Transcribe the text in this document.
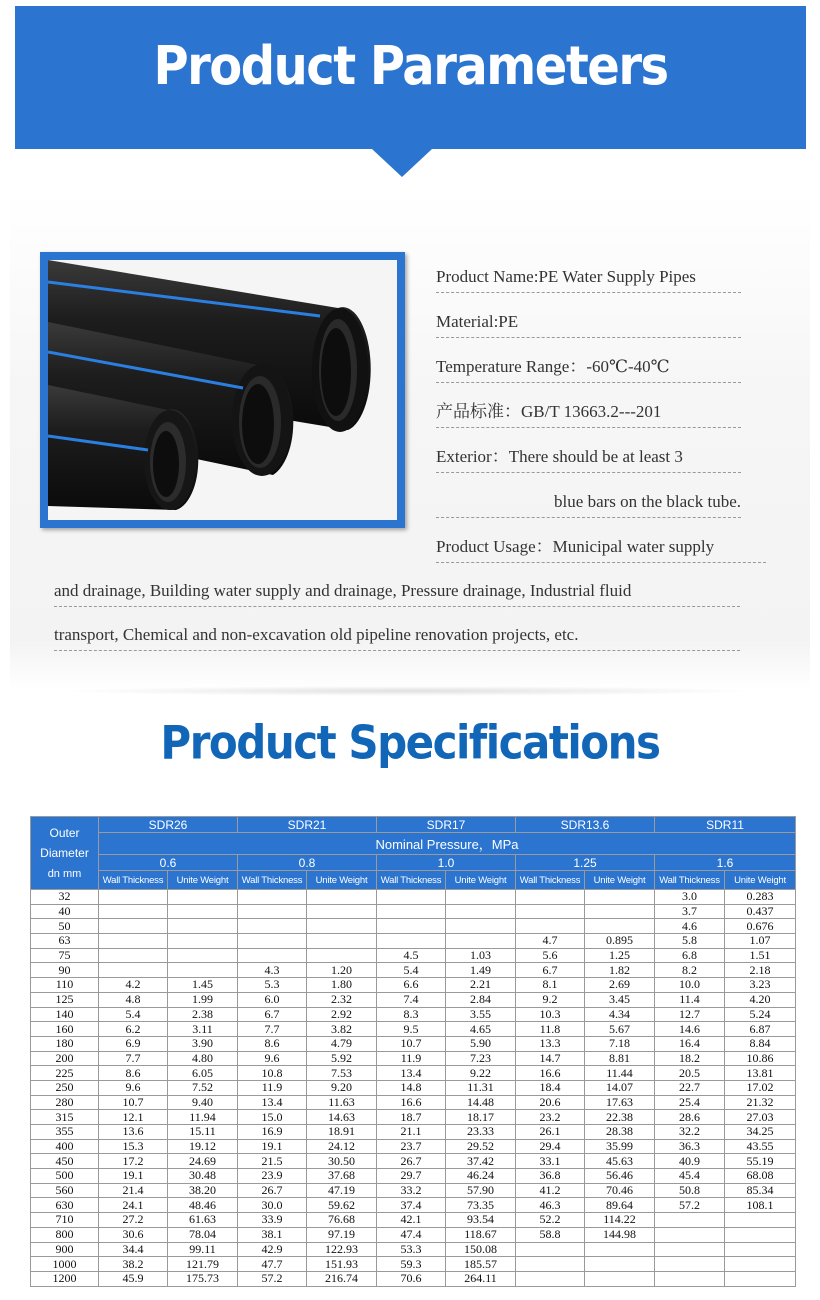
Product Parameters
Product Name:PE Water Supply Pipes
Material:PE
Temperature Range：-60℃-40℃
产品标准：GB/T 13663.2---201
Exterior：There should be at least 3
blue bars on the black tube.
Product Usage：Municipal water supply
and drainage, Building water supply and drainage, Pressure drainage, Industrial fluid
transport, Chemical and non-excavation old pipeline renovation projects, etc.
Product Specifications
Outer
Diameter
dn mm	SDR26		SDR21		SDR17		SDR13.6		SDR11	
	Nominal Pressure，MPa									
	0.6		0.8		1.0		1.25		1.6	
	Wall Thickness	Unite Weight	Wall Thickness	Unite Weight	Wall Thickness	Unite Weight	Wall Thickness	Unite Weight	Wall Thickness	Unite Weight
32									3.0	0.283
40									3.7	0.437
50									4.6	0.676
63							4.7	0.895	5.8	1.07
75					4.5	1.03	5.6	1.25	6.8	1.51
90			4.3	1.20	5.4	1.49	6.7	1.82	8.2	2.18
110	4.2	1.45	5.3	1.80	6.6	2.21	8.1	2.69	10.0	3.23
125	4.8	1.99	6.0	2.32	7.4	2.84	9.2	3.45	11.4	4.20
140	5.4	2.38	6.7	2.92	8.3	3.55	10.3	4.34	12.7	5.24
160	6.2	3.11	7.7	3.82	9.5	4.65	11.8	5.67	14.6	6.87
180	6.9	3.90	8.6	4.79	10.7	5.90	13.3	7.18	16.4	8.84
200	7.7	4.80	9.6	5.92	11.9	7.23	14.7	8.81	18.2	10.86
225	8.6	6.05	10.8	7.53	13.4	9.22	16.6	11.44	20.5	13.81
250	9.6	7.52	11.9	9.20	14.8	11.31	18.4	14.07	22.7	17.02
280	10.7	9.40	13.4	11.63	16.6	14.48	20.6	17.63	25.4	21.32
315	12.1	11.94	15.0	14.63	18.7	18.17	23.2	22.38	28.6	27.03
355	13.6	15.11	16.9	18.91	21.1	23.33	26.1	28.38	32.2	34.25
400	15.3	19.12	19.1	24.12	23.7	29.52	29.4	35.99	36.3	43.55
450	17.2	24.69	21.5	30.50	26.7	37.42	33.1	45.63	40.9	55.19
500	19.1	30.48	23.9	37.68	29.7	46.24	36.8	56.46	45.4	68.08
560	21.4	38.20	26.7	47.19	33.2	57.90	41.2	70.46	50.8	85.34
630	24.1	48.46	30.0	59.62	37.4	73.35	46.3	89.64	57.2	108.1
710	27.2	61.63	33.9	76.68	42.1	93.54	52.2	114.22		
800	30.6	78.04	38.1	97.19	47.4	118.67	58.8	144.98		
900	34.4	99.11	42.9	122.93	53.3	150.08				
1000	38.2	121.79	47.7	151.93	59.3	185.57				
1200	45.9	175.73	57.2	216.74	70.6	264.11				
